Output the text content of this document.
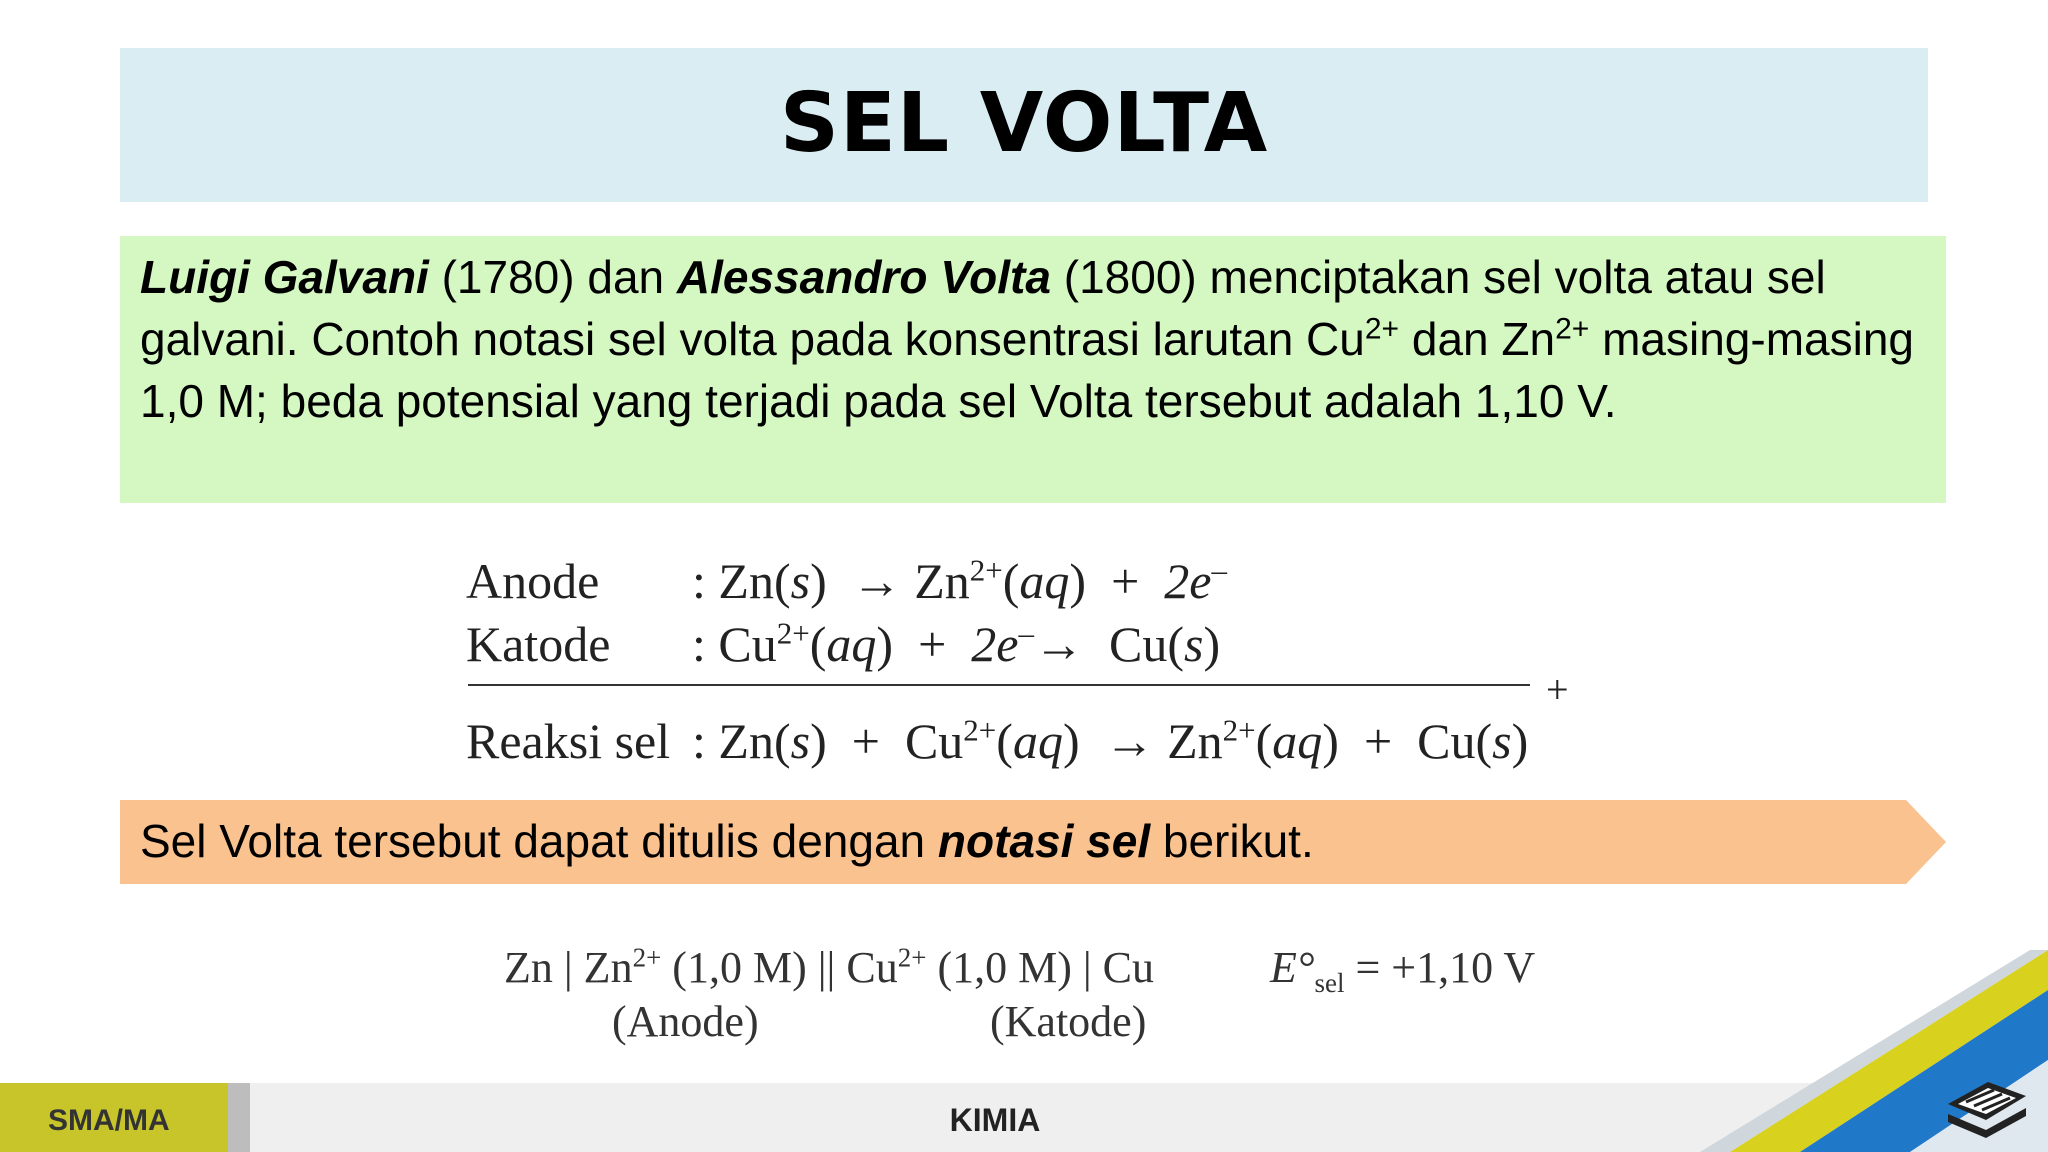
SEL VOLTA
Luigi Galvani (1780) dan Alessandro Volta (1800) menciptakan sel volta atau sel galvani. Contoh notasi sel volta pada konsentrasi larutan $Cu^{2+}$ dan $Zn^{2+}$ masing-masing 1,0 M; beda potensial yang terjadi pada sel Volta tersebut adalah 1,10 V.
Anode : $Zn(s) \to Zn^{2+}(aq) + 2e^-$
Katode : $Cu^{2+}(aq) + 2e^-\to Cu(s)$
+
Reaksi sel : $Zn(s) + Cu^{2+}(aq) \to Zn^{2+}(aq) + Cu(s)$
Sel Volta tersebut dapat ditulis dengan notasi sel berikut.
Zn | $Zn^{2+}$ (1,0 M) || $Cu^{2+}$ (1,0 M) | Cu	$E^\circ_{sel} = +1,10$ V
(Anode)	(Katode)
SMA/MA	KIMIA
